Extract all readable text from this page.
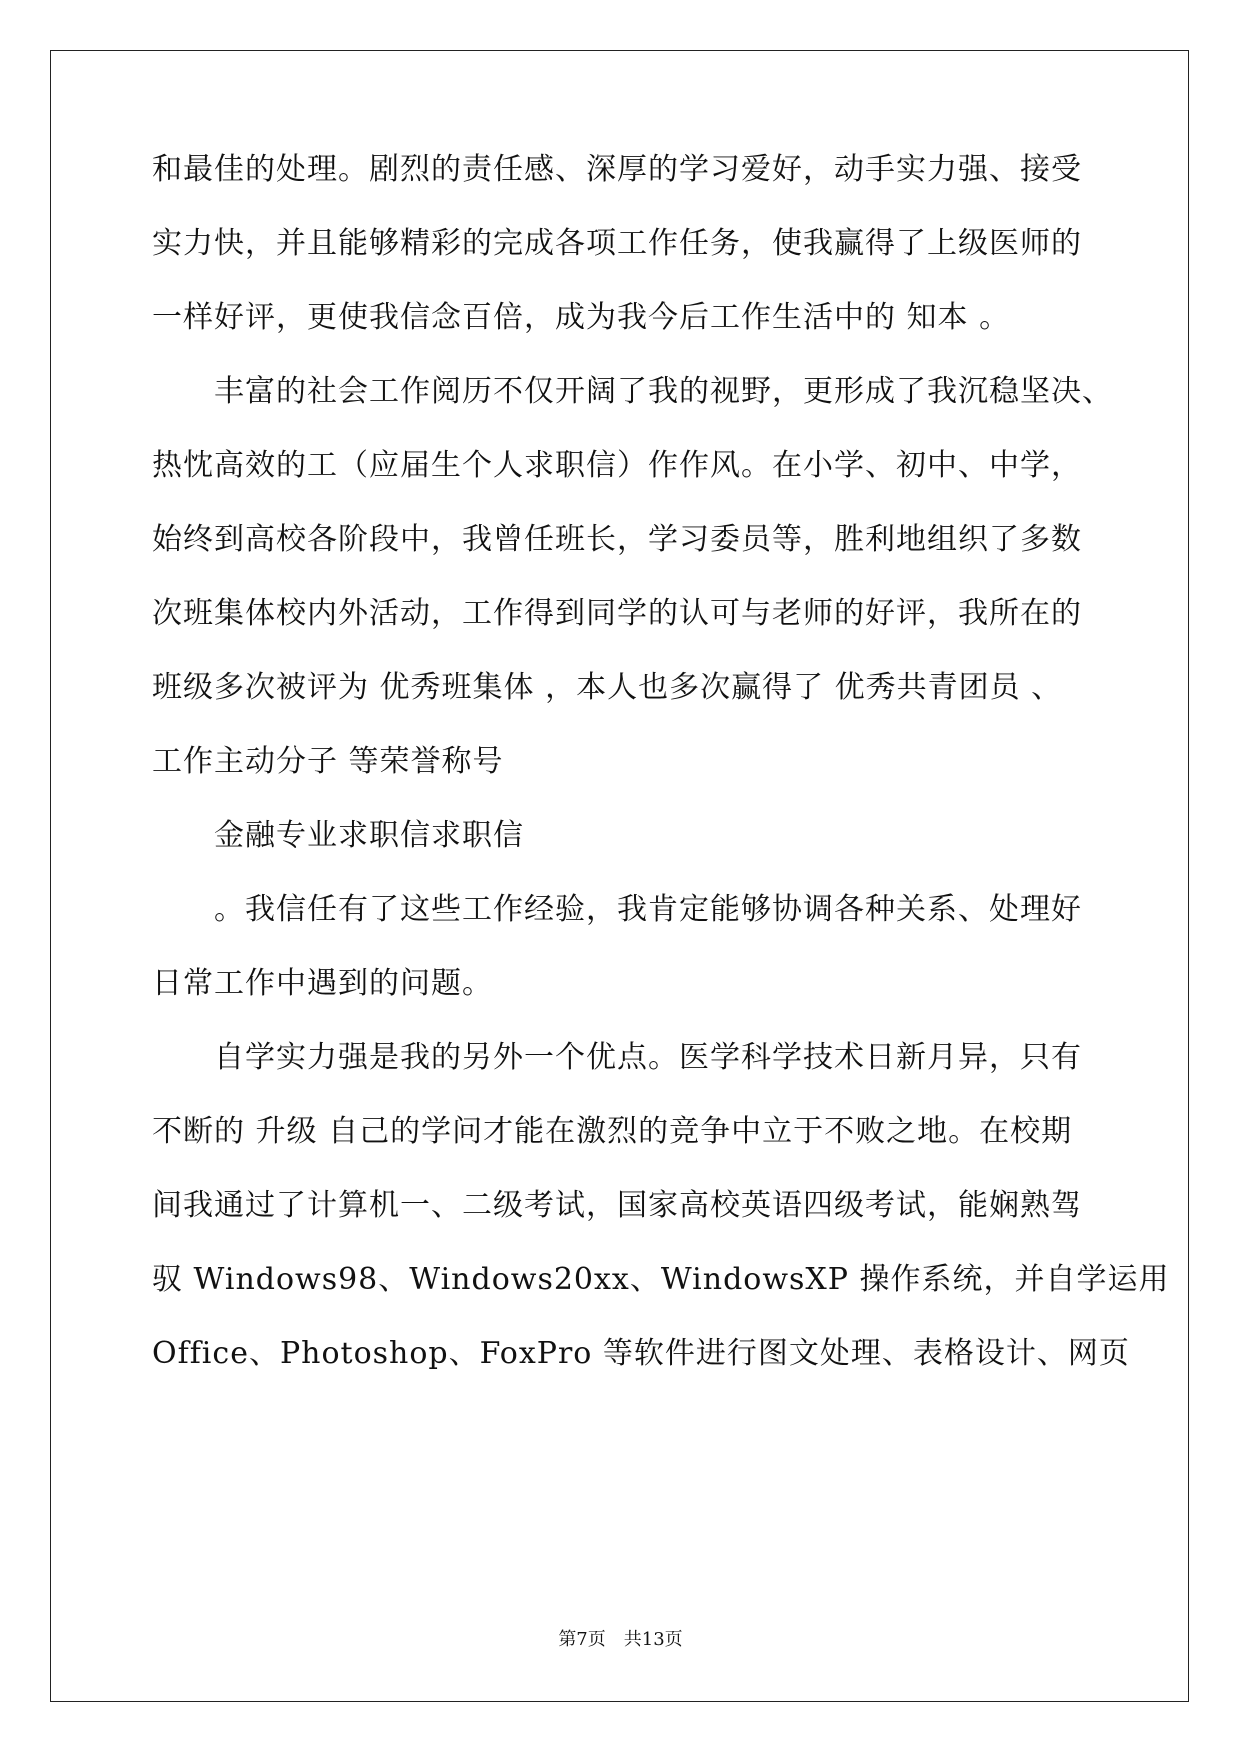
和最佳的处理。剧烈的责任感、深厚的学习爱好，动手实力强、接受
实力快，并且能够精彩的完成各项工作任务，使我赢得了上级医师的
一样好评，更使我信念百倍，成为我今后工作生活中的 知本 。
丰富的社会工作阅历不仅开阔了我的视野，更形成了我沉稳坚决、
热忱高效的工（应届生个人求职信）作作风。在小学、初中、中学，
始终到高校各阶段中，我曾任班长，学习委员等，胜利地组织了多数
次班集体校内外活动，工作得到同学的认可与老师的好评，我所在的
班级多次被评为 优秀班集体 ，本人也多次赢得了 优秀共青团员 、
工作主动分子 等荣誉称号
金融专业求职信求职信
。我信任有了这些工作经验，我肯定能够协调各种关系、处理好
日常工作中遇到的问题。
自学实力强是我的另外一个优点。医学科学技术日新月异，只有
不断的 升级 自己的学问才能在激烈的竞争中立于不败之地。在校期
间我通过了计算机一、二级考试，国家高校英语四级考试，能娴熟驾
驭 Windows98、Windows20xx、WindowsXP 操作系统，并自学运用
Office、Photoshop、FoxPro 等软件进行图文处理、表格设计、网页
第7页　共13页
